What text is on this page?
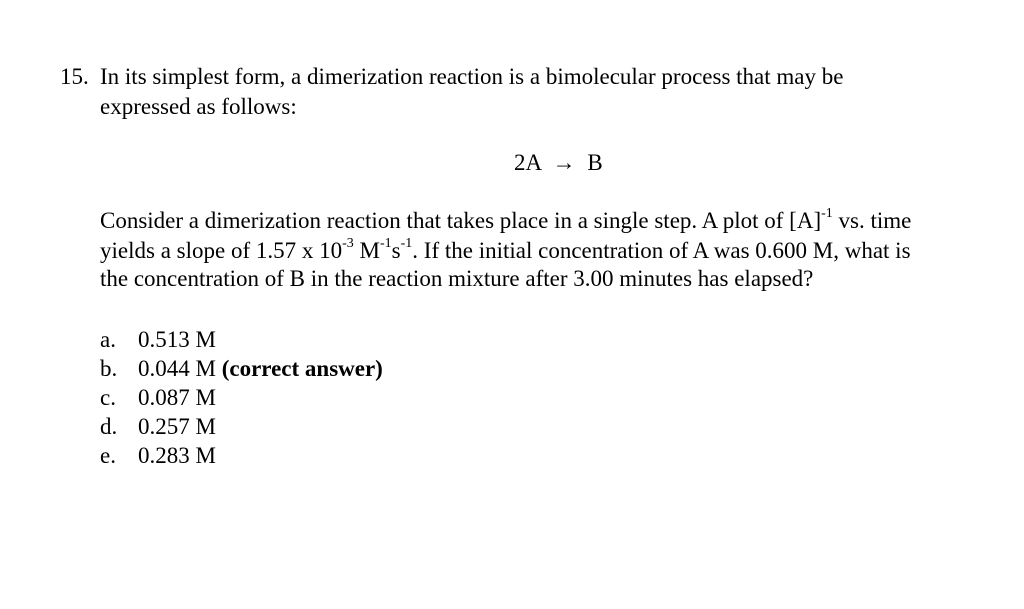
15. In its simplest form, a dimerization reaction is a bimolecular process that may be
expressed as follows:
2A → B
Consider a dimerization reaction that takes place in a single step. A plot of $[A]^{-1}$ vs. time
yields a slope of 1.57 x $10^{-3}$ $M^{-1}s^{-1}$. If the initial concentration of A was 0.600 M, what is
the concentration of B in the reaction mixture after 3.00 minutes has elapsed?
a. 0.513 M
b. 0.044 M (correct answer)
c. 0.087 M
d. 0.257 M
e. 0.283 M
